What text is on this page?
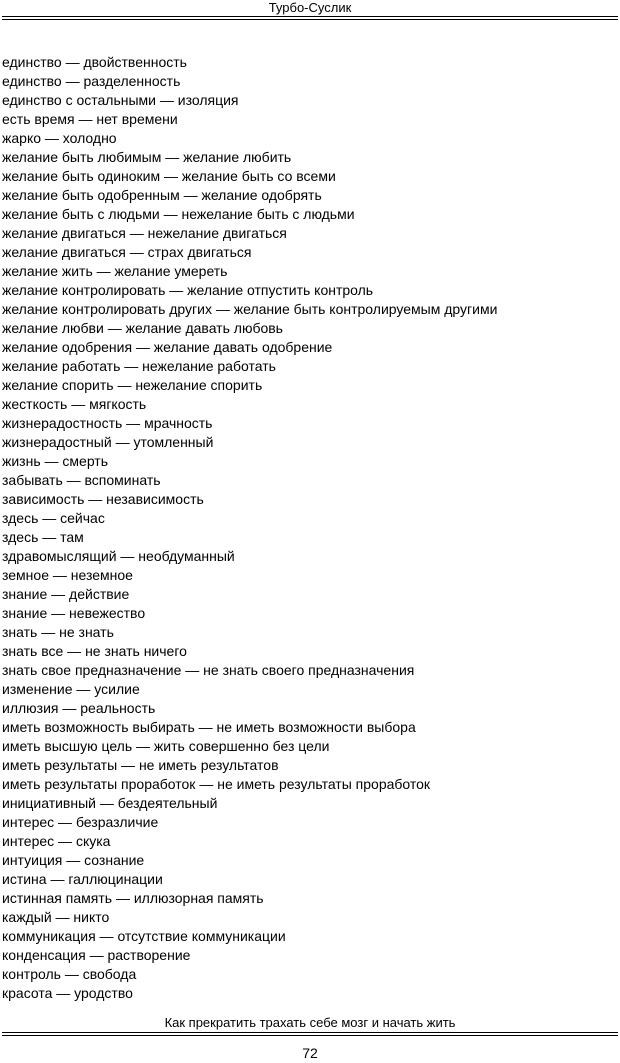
Турбо-Суслик
единство — двойственность
единство — разделенность
единство с остальными — изоляция
есть время — нет времени
жарко — холодно
желание быть любимым — желание любить
желание быть одиноким — желание быть со всеми
желание быть одобренным — желание одобрять
желание быть с людьми — нежелание быть с людьми
желание двигаться — нежелание двигаться
желание двигаться — страх двигаться
желание жить — желание умереть
желание контролировать — желание отпустить контроль
желание контролировать других — желание быть контролируемым другими
желание любви — желание давать любовь
желание одобрения — желание давать одобрение
желание работать — нежелание работать
желание спорить — нежелание спорить
жесткость — мягкость
жизнерадостность — мрачность
жизнерадостный — утомленный
жизнь — смерть
забывать — вспоминать
зависимость — независимость
здесь — сейчас
здесь — там
здравомыслящий — необдуманный
земное — неземное
знание — действие
знание — невежество
знать — не знать
знать все — не знать ничего
знать свое предназначение — не знать своего предназначения
изменение — усилие
иллюзия — реальность
иметь возможность выбирать — не иметь возможности выбора
иметь высшую цель — жить совершенно без цели
иметь результаты — не иметь результатов
иметь результаты проработок — не иметь результаты проработок
инициативный — бездеятельный
интерес — безразличие
интерес — скука
интуиция — сознание
истина — галлюцинации
истинная память — иллюзорная память
каждый — никто
коммуникация — отсутствие коммуникации
конденсация — растворение
контроль — свобода
красота — уродство
Как прекратить трахать себе мозг и начать жить
72
